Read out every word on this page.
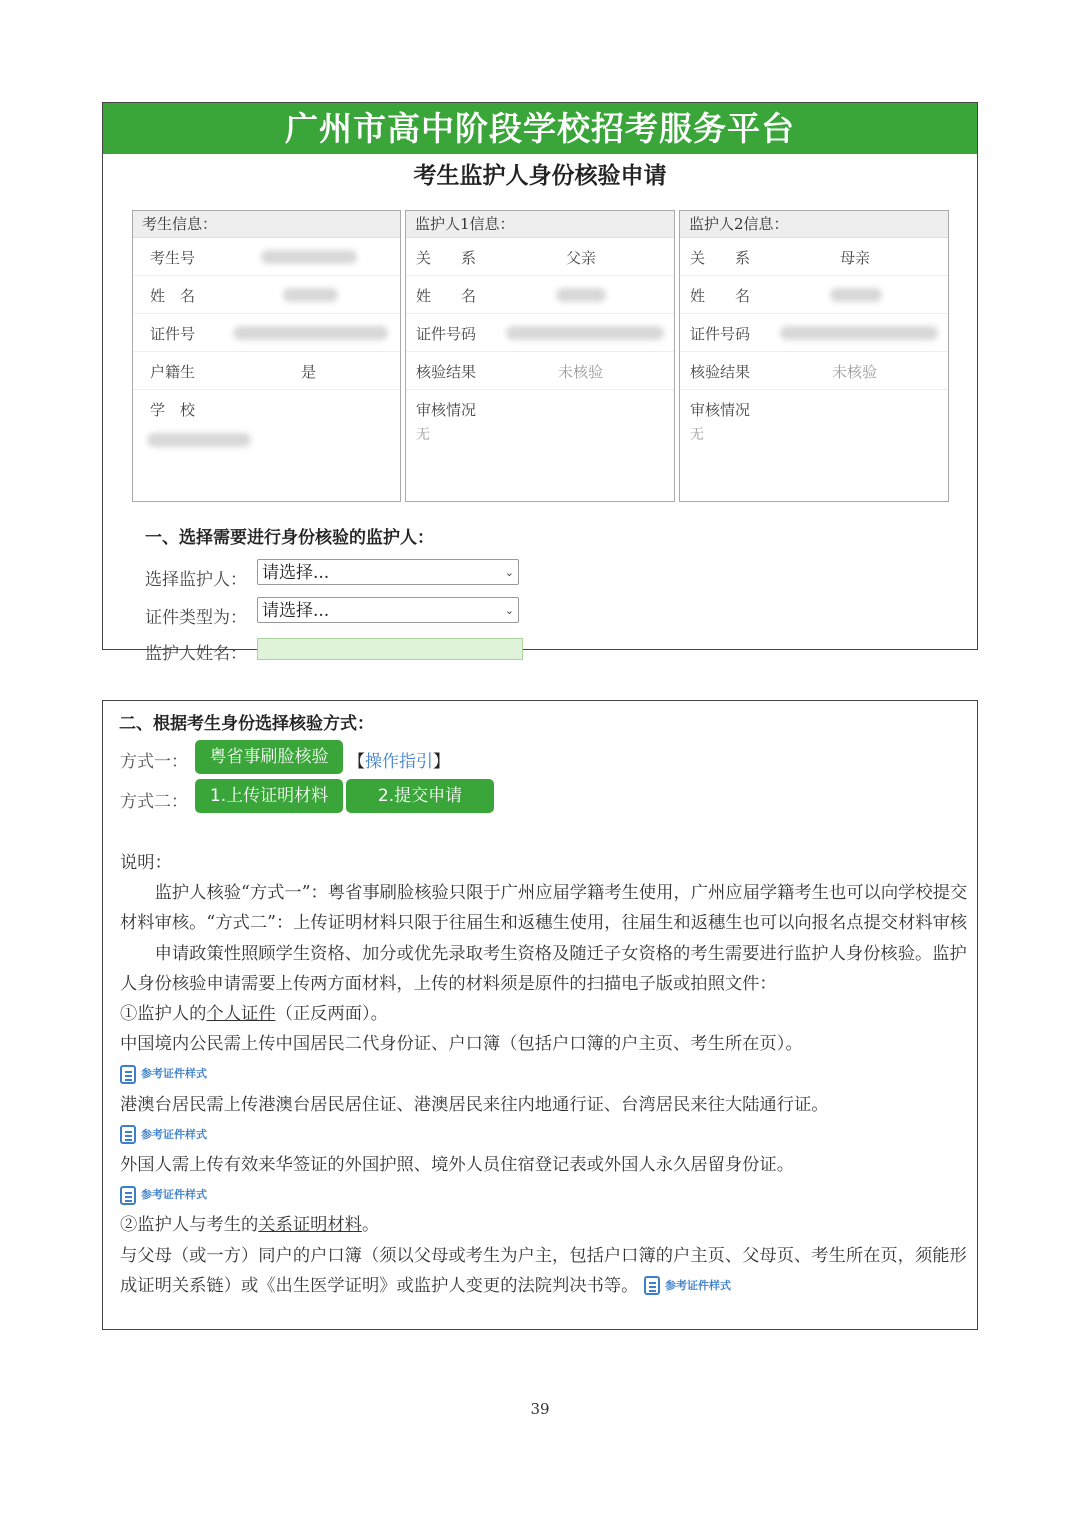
广州市高中阶段学校招考服务平台
考生监护人身份核验申请
考生信息：
考生号
姓　名
证件号
户籍生	是
学　校
监护人1信息：
关　　系	父亲
姓　　名
证件号码
核验结果	未核验
审核情况
无
监护人2信息：
关　　系	母亲
姓　　名
证件号码
核验结果	未核验
审核情况
无
一、选择需要进行身份核验的监护人：
选择监护人： 请选择...	⌄
证件类型为： 请选择...	⌄
监护人姓名：
二、根据考生身份选择核验方式：
方式一：	粤省事刷脸核验	【操作指引】
方式二：	1.上传证明材料	2.提交申请

说明：

监护人核验“方式一”：粤省事刷脸核验只限于广州应届学籍考生使用，广州应届学籍考生也可以向学校提交材料审核。“方式二”：上传证明材料只限于往届生和返穗生使用，往届生和返穗生也可以向报名点提交材料审核

申请政策性照顾学生资格、加分或优先录取考生资格及随迁子女资格的考生需要进行监护人身份核验。监护人身份核验申请需要上传两方面材料，上传的材料须是原件的扫描电子版或拍照文件：

①监护人的个人证件（正反两面）。

中国境内公民需上传中国居民二代身份证、户口簿（包括户口簿的户主页、考生所在页）。

参考证件样式

港澳台居民需上传港澳台居民居住证、港澳居民来往内地通行证、台湾居民来往大陆通行证。

参考证件样式

外国人需上传有效来华签证的外国护照、境外人员住宿登记表或外国人永久居留身份证。

参考证件样式

②监护人与考生的关系证明材料。

与父母（或一方）同户的户口簿（须以父母或考生为户主，包括户口簿的户主页、父母页、考生所在页，须能形成证明关系链）或《出生医学证明》或监护人变更的法院判决书等。 参考证件样式

39
